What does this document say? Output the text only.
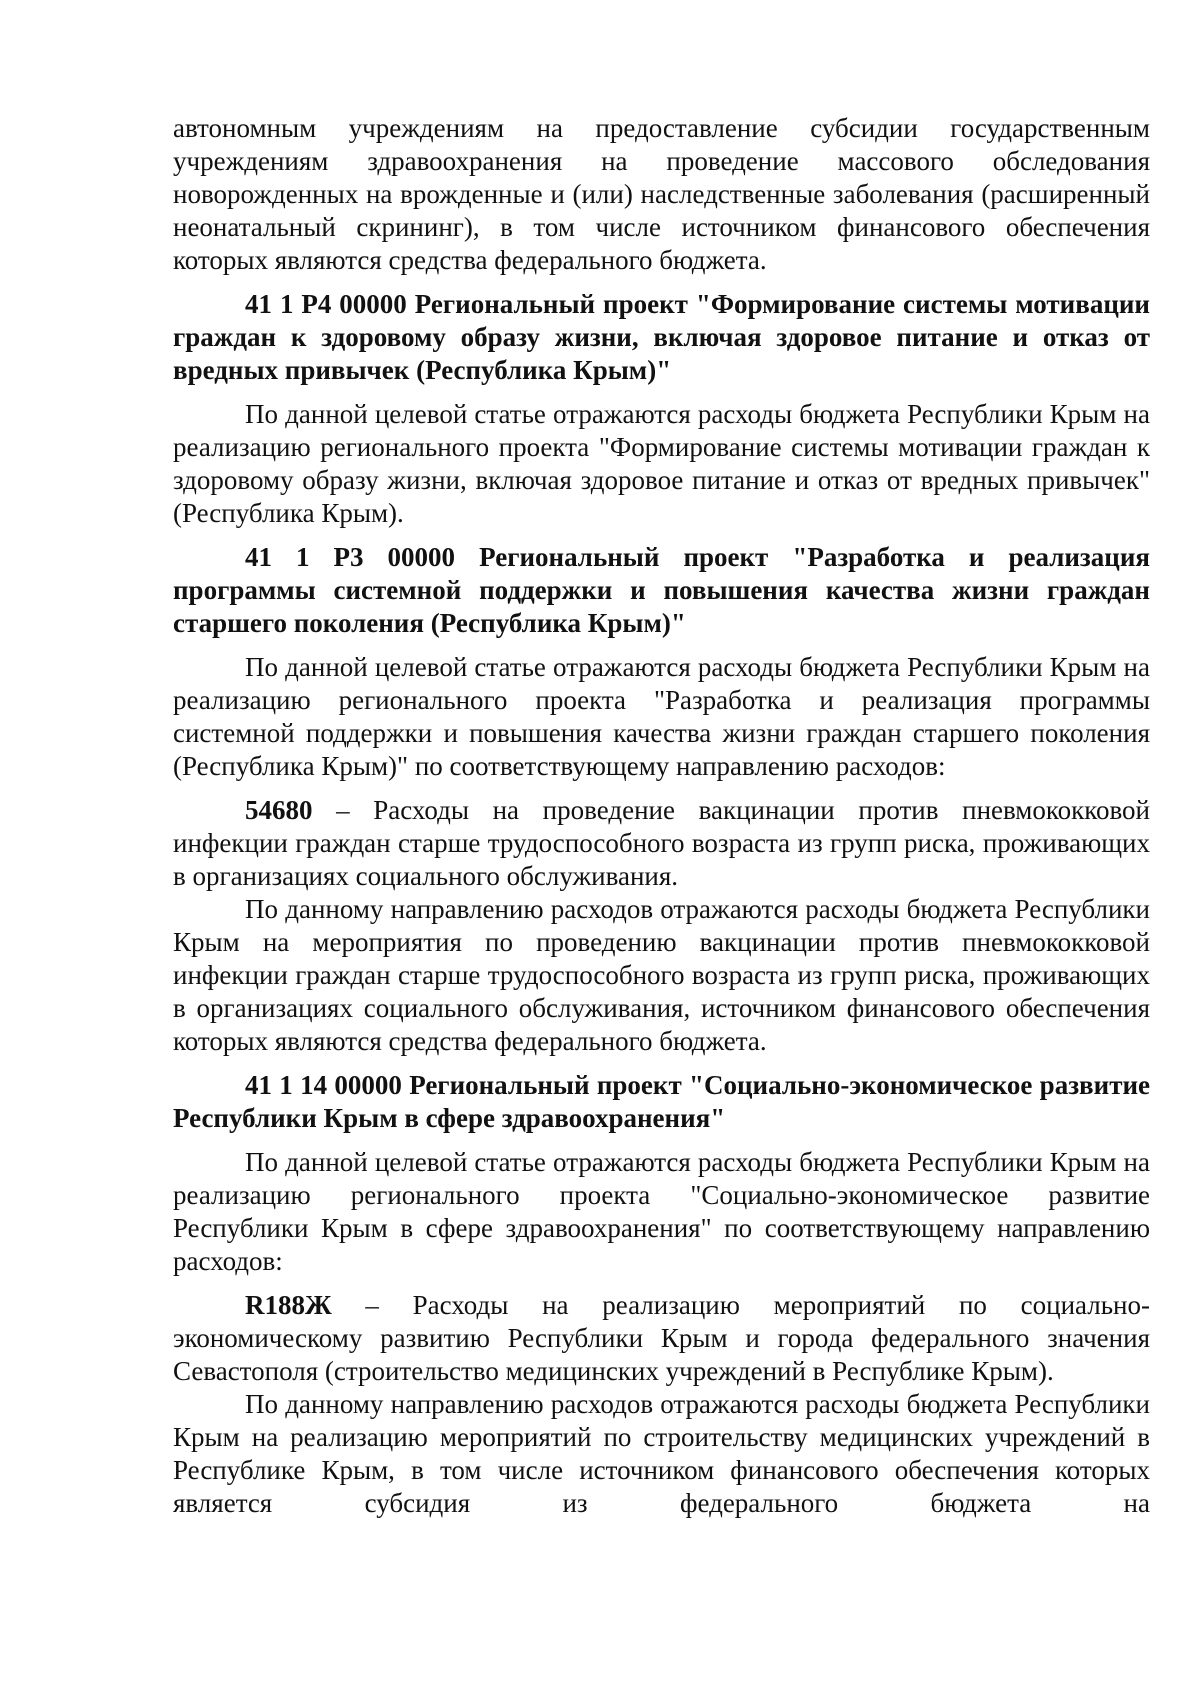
автономным учреждениям на предоставление субсидии государственным учреждениям здравоохранения на проведение массового обследования новорожденных на врожденные и (или) наследственные заболевания (расширенный неонатальный скрининг), в том числе источником финансового обеспечения которых являются средства федерального бюджета.

41 1 Р4 00000 Региональный проект "Формирование системы мотивации граждан к здоровому образу жизни, включая здоровое питание и отказ от вредных привычек (Республика Крым)"

По данной целевой статье отражаются расходы бюджета Республики Крым на реализацию регионального проекта "Формирование системы мотивации граждан к здоровому образу жизни, включая здоровое питание и отказ от вредных привычек" (Республика Крым).

41 1 Р3 00000 Региональный проект "Разработка и реализация программы системной поддержки и повышения качества жизни граждан старшего поколения (Республика Крым)"

По данной целевой статье отражаются расходы бюджета Республики Крым на реализацию регионального проекта "Разработка и реализация программы системной поддержки и повышения качества жизни граждан старшего поколения (Республика Крым)" по соответствующему направлению расходов:

54680 – Расходы на проведение вакцинации против пневмококковой инфекции граждан старше трудоспособного возраста из групп риска, проживающих в организациях социального обслуживания.

По данному направлению расходов отражаются расходы бюджета Республики Крым на мероприятия по проведению вакцинации против пневмококковой инфекции граждан старше трудоспособного возраста из групп риска, проживающих в организациях социального обслуживания, источником финансового обеспечения которых являются средства федерального бюджета.

41 1 14 00000 Региональный проект "Социально-экономическое развитие Республики Крым в сфере здравоохранения"

По данной целевой статье отражаются расходы бюджета Республики Крым на реализацию регионального проекта "Социально-экономическое развитие Республики Крым в сфере здравоохранения" по соответствующему направлению расходов:

R188Ж – Расходы на реализацию мероприятий по социально-экономическому развитию Республики Крым и города федерального значения Севастополя (строительство медицинских учреждений в Республике Крым).

По данному направлению расходов отражаются расходы бюджета Республики Крым на реализацию мероприятий по строительству медицинских учреждений в Республике Крым, в том числе источником финансового обеспечения которых является субсидия из федерального бюджета на
